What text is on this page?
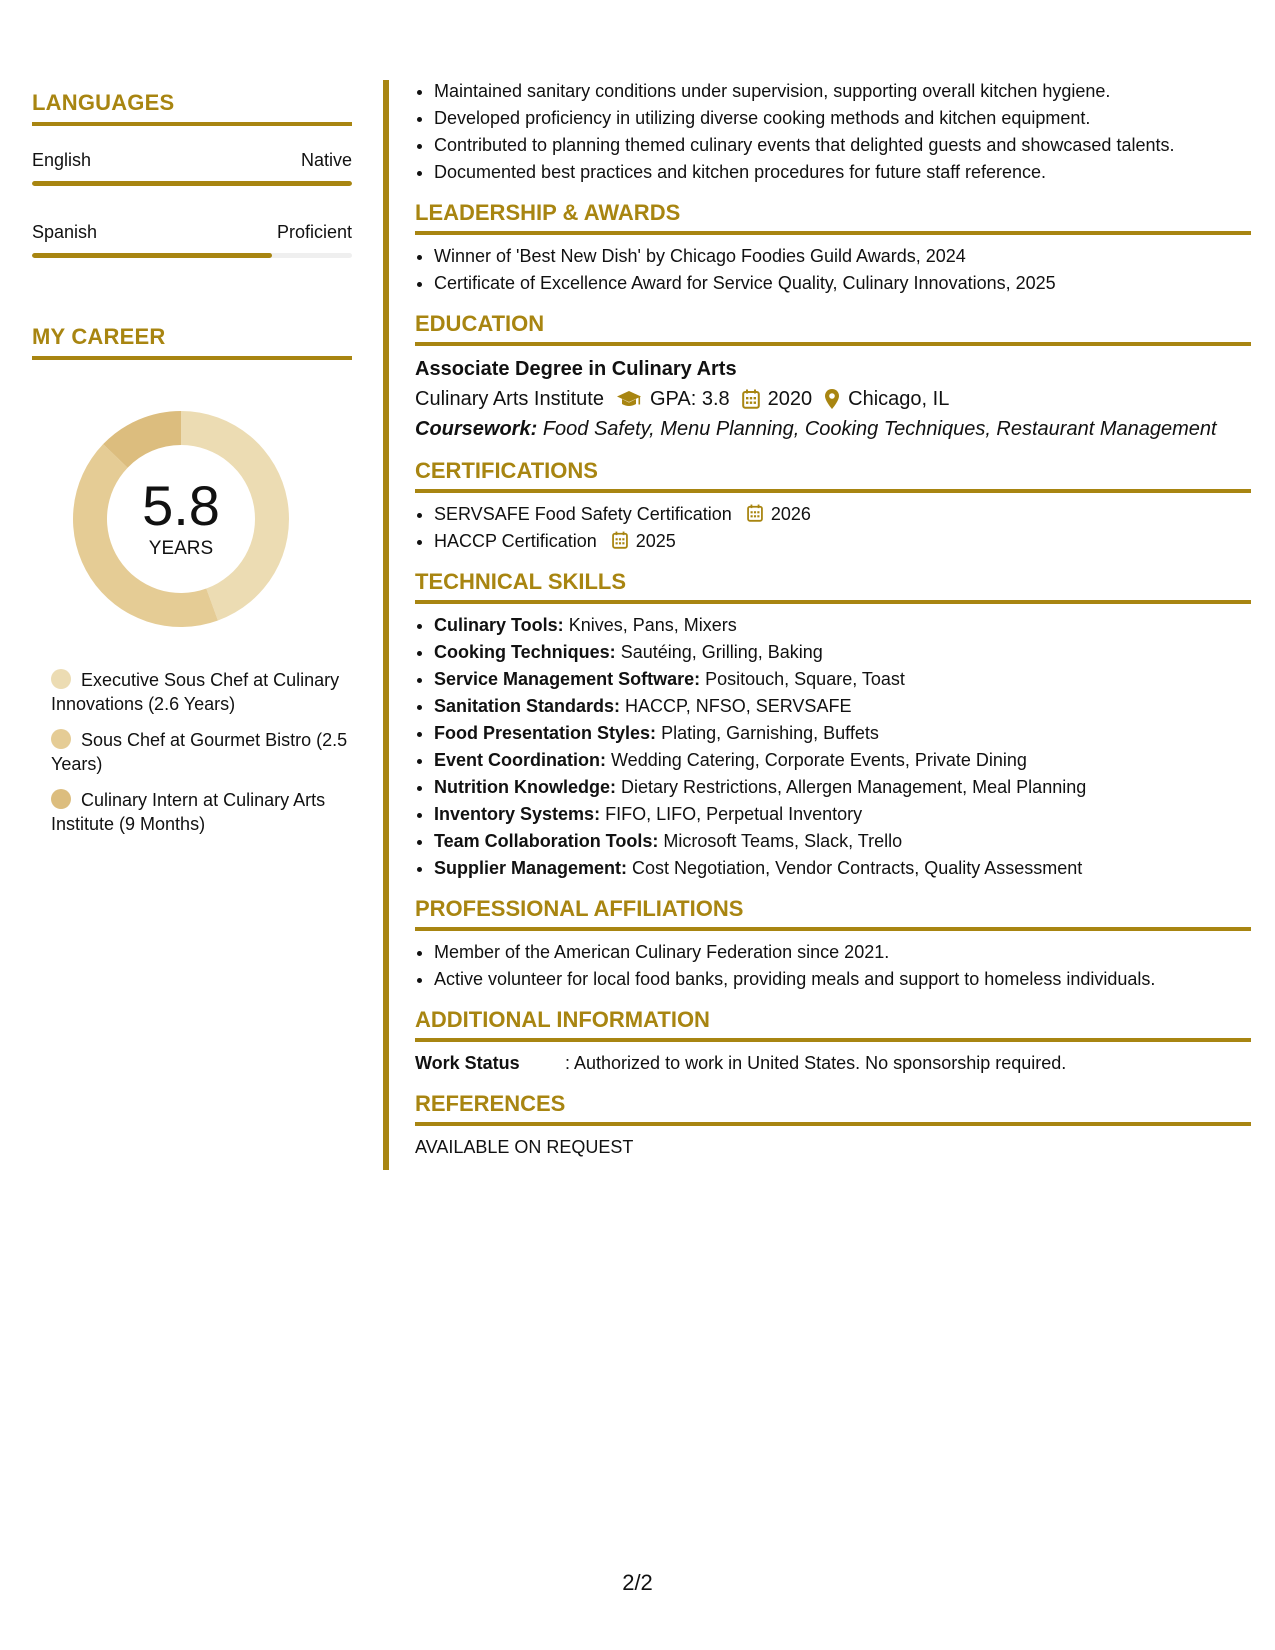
LANGUAGES
English	Native
Spanish	Proficient
MY CAREER
5.8
YEARS
Executive Sous Chef at Culinary Innovations (2.6 Years)
Sous Chef at Gourmet Bistro (2.5 Years)
Culinary Intern at Culinary Arts Institute (9 Months)
• Maintained sanitary conditions under supervision, supporting overall kitchen hygiene.
• Developed proficiency in utilizing diverse cooking methods and kitchen equipment.
• Contributed to planning themed culinary events that delighted guests and showcased talents.
• Documented best practices and kitchen procedures for future staff reference.
LEADERSHIP & AWARDS
• Winner of 'Best New Dish' by Chicago Foodies Guild Awards, 2024
• Certificate of Excellence Award for Service Quality, Culinary Innovations, 2025
EDUCATION
Associate Degree in Culinary Arts
Culinary Arts Institute GPA: 3.8 2020 Chicago, IL
Coursework: Food Safety, Menu Planning, Cooking Techniques, Restaurant Management
CERTIFICATIONS
• SERVSAFE Food Safety Certification 2026
• HACCP Certification 2025
TECHNICAL SKILLS
• Culinary Tools: Knives, Pans, Mixers
• Cooking Techniques: Sautéing, Grilling, Baking
• Service Management Software: Positouch, Square, Toast
• Sanitation Standards: HACCP, NFSO, SERVSAFE
• Food Presentation Styles: Plating, Garnishing, Buffets
• Event Coordination: Wedding Catering, Corporate Events, Private Dining
• Nutrition Knowledge: Dietary Restrictions, Allergen Management, Meal Planning
• Inventory Systems: FIFO, LIFO, Perpetual Inventory
• Team Collaboration Tools: Microsoft Teams, Slack, Trello
• Supplier Management: Cost Negotiation, Vendor Contracts, Quality Assessment
PROFESSIONAL AFFILIATIONS
• Member of the American Culinary Federation since 2021.
• Active volunteer for local food banks, providing meals and support to homeless individuals.
ADDITIONAL INFORMATION
Work Status	: Authorized to work in United States. No sponsorship required.
REFERENCES
AVAILABLE ON REQUEST
2/2
